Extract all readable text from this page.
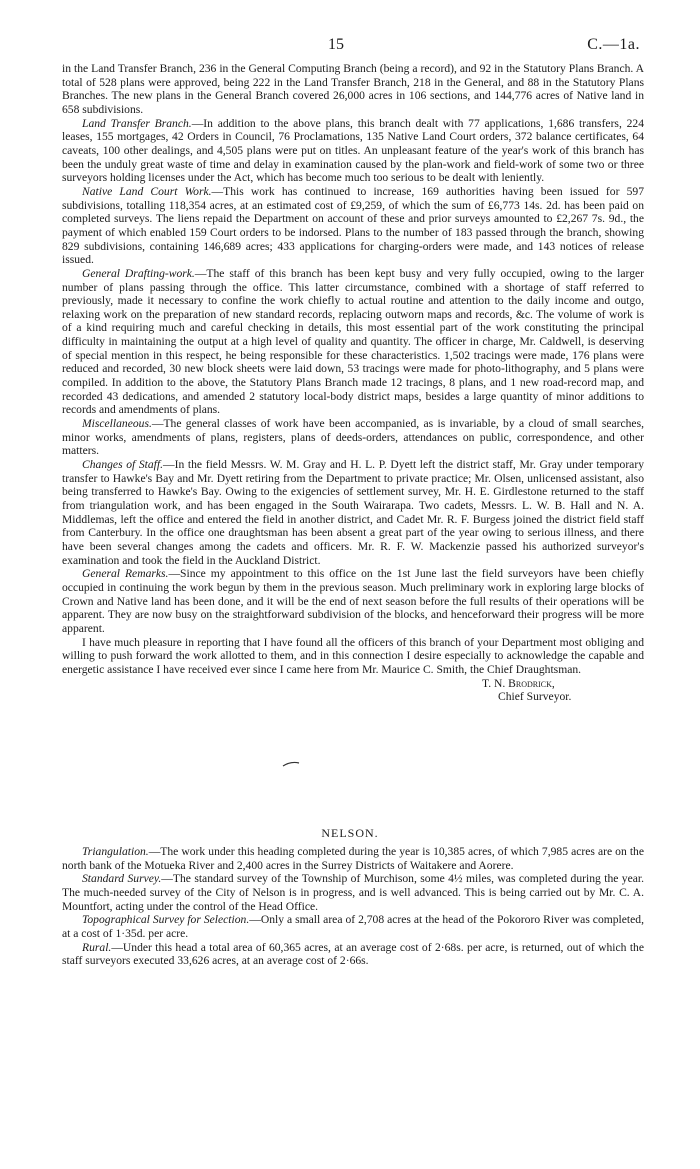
15	C.—1a.

in the Land Transfer Branch, 236 in the General Computing Branch (being a record), and 92 in the Statutory Plans Branch. A total of 528 plans were approved, being 222 in the Land Transfer Branch, 218 in the General, and 88 in the Statutory Plans Branches. The new plans in the General Branch covered 26,000 acres in 106 sections, and 144,776 acres of Native land in 658 subdivisions.

Land Transfer Branch.—In addition to the above plans, this branch dealt with 77 applications, 1,686 transfers, 224 leases, 155 mortgages, 42 Orders in Council, 76 Proclamations, 135 Native Land Court orders, 372 balance certificates, 64 caveats, 100 other dealings, and 4,505 plans were put on titles. An unpleasant feature of the year's work of this branch has been the unduly great waste of time and delay in examination caused by the plan-work and field-work of some two or three surveyors holding licenses under the Act, which has become much too serious to be dealt with leniently.

Native Land Court Work.—This work has continued to increase, 169 authorities having been issued for 597 subdivisions, totalling 118,354 acres, at an estimated cost of £9,259, of which the sum of £6,773 14s. 2d. has been paid on completed surveys. The liens repaid the Department on account of these and prior surveys amounted to £2,267 7s. 9d., the payment of which enabled 159 Court orders to be indorsed. Plans to the number of 183 passed through the branch, showing 829 subdivisions, containing 146,689 acres; 433 applications for charging-orders were made, and 143 notices of release issued.

General Drafting-work.—The staff of this branch has been kept busy and very fully occupied, owing to the larger number of plans passing through the office. This latter circumstance, combined with a shortage of staff referred to previously, made it necessary to confine the work chiefly to actual routine and attention to the daily income and outgo, relaxing work on the preparation of new standard records, replacing outworn maps and records, &c. The volume of work is of a kind requiring much and careful checking in details, this most essential part of the work constituting the principal difficulty in maintaining the output at a high level of quality and quantity. The officer in charge, Mr. Caldwell, is deserving of special mention in this respect, he being responsible for these characteristics. 1,502 tracings were made, 176 plans were reduced and recorded, 30 new block sheets were laid down, 53 tracings were made for photo-lithography, and 5 plans were compiled. In addition to the above, the Statutory Plans Branch made 12 tracings, 8 plans, and 1 new road-record map, and recorded 43 dedications, and amended 2 statutory local-body district maps, besides a large quantity of minor additions to records and amendments of plans.

Miscellaneous.—The general classes of work have been accompanied, as is invariable, by a cloud of small searches, minor works, amendments of plans, registers, plans of deeds-orders, attendances on public, correspondence, and other matters.

Changes of Staff.—In the field Messrs. W. M. Gray and H. L. P. Dyett left the district staff, Mr. Gray under temporary transfer to Hawke's Bay and Mr. Dyett retiring from the Department to private practice; Mr. Olsen, unlicensed assistant, also being transferred to Hawke's Bay. Owing to the exigencies of settlement survey, Mr. H. E. Girdlestone returned to the staff from triangulation work, and has been engaged in the South Wairarapa. Two cadets, Messrs. L. W. B. Hall and N. A. Middlemas, left the office and entered the field in another district, and Cadet Mr. R. F. Burgess joined the district field staff from Canterbury. In the office one draughtsman has been absent a great part of the year owing to serious illness, and there have been several changes among the cadets and officers. Mr. R. F. W. Mackenzie passed his authorized surveyor's examination and took the field in the Auckland District.

General Remarks.—Since my appointment to this office on the 1st June last the field surveyors have been chiefly occupied in continuing the work begun by them in the previous season. Much preliminary work in exploring large blocks of Crown and Native land has been done, and it will be the end of next season before the full results of their operations will be apparent. They are now busy on the straightforward subdivision of the blocks, and henceforward their progress will be more apparent.

I have much pleasure in reporting that I have found all the officers of this branch of your Department most obliging and willing to push forward the work allotted to them, and in this connection I desire especially to acknowledge the capable and energetic assistance I have received ever since I came here from Mr. Maurice C. Smith, the Chief Draughtsman.

T. N. Brodrick,
Chief Surveyor.
NELSON.

Triangulation.—The work under this heading completed during the year is 10,385 acres, of which 7,985 acres are on the north bank of the Motueka River and 2,400 acres in the Surrey Districts of Waitakere and Aorere.

Standard Survey.—The standard survey of the Township of Murchison, some 4½ miles, was completed during the year. The much-needed survey of the City of Nelson is in progress, and is well advanced. This is being carried out by Mr. C. A. Mountfort, acting under the control of the Head Office.

Topographical Survey for Selection.—Only a small area of 2,708 acres at the head of the Pokororo River was completed, at a cost of 1·35d. per acre.

Rural.—Under this head a total area of 60,365 acres, at an average cost of 2·68s. per acre, is returned, out of which the staff surveyors executed 33,626 acres, at an average cost of 2·66s.
